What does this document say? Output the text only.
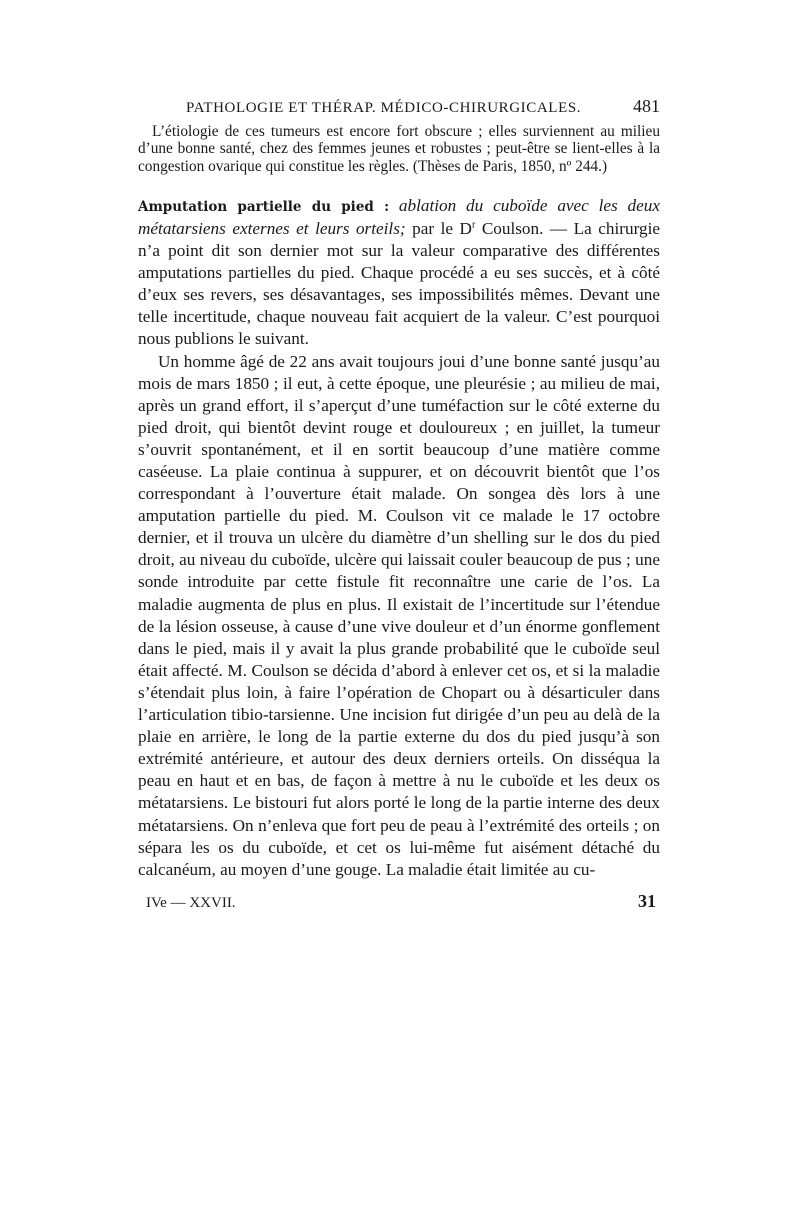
PATHOLOGIE ET THÉRAP. MÉDICO-CHIRURGICALES.	481

L’étiologie de ces tumeurs est encore fort obscure ; elles surviennent au milieu d’une bonne santé, chez des femmes jeunes et robustes ; peut-être se lient-elles à la congestion ovarique qui constitue les règles. (Thèses de Paris, 1850, nº 244.)

Amputation partielle du pied : ablation du cuboïde avec les deux métatarsiens externes et leurs orteils; par le $D^r$ Coulson. — La chirurgie n’a point dit son dernier mot sur la valeur comparative des différentes amputations partielles du pied. Chaque procédé a eu ses succès, et à côté d’eux ses revers, ses désavantages, ses impossibilités mêmes. Devant une telle incertitude, chaque nouveau fait acquiert de la valeur. C’est pourquoi nous publions le suivant.

Un homme âgé de 22 ans avait toujours joui d’une bonne santé jusqu’au mois de mars 1850 ; il eut, à cette époque, une pleurésie ; au milieu de mai, après un grand effort, il s’aperçut d’une tuméfaction sur le côté externe du pied droit, qui bientôt devint rouge et douloureux ; en juillet, la tumeur s’ouvrit spontanément, et il en sortit beaucoup d’une matière comme caséeuse. La plaie continua à suppurer, et on découvrit bientôt que l’os correspondant à l’ouverture était malade. On songea dès lors à une amputation partielle du pied. M. Coulson vit ce malade le 17 octobre dernier, et il trouva un ulcère du diamètre d’un shelling sur le dos du pied droit, au niveau du cuboïde, ulcère qui laissait couler beaucoup de pus ; une sonde introduite par cette fistule fit reconnaître une carie de l’os. La maladie augmenta de plus en plus. Il existait de l’incertitude sur l’étendue de la lésion osseuse, à cause d’une vive douleur et d’un énorme gonflement dans le pied, mais il y avait la plus grande probabilité que le cuboïde seul était affecté. M. Coulson se décida d’abord à enlever cet os, et si la maladie s’étendait plus loin, à faire l’opération de Chopart ou à désarticuler dans l’articulation tibio-tarsienne. Une incision fut dirigée d’un peu au delà de la plaie en arrière, le long de la partie externe du dos du pied jusqu’à son extrémité antérieure, et autour des deux derniers orteils. On disséqua la peau en haut et en bas, de façon à mettre à nu le cuboïde et les deux os métatarsiens. Le bistouri fut alors porté le long de la partie interne des deux métatarsiens. On n’enleva que fort peu de peau à l’extrémité des orteils ; on sépara les os du cuboïde, et cet os lui-même fut aisément détaché du calcanéum, au moyen d’une gouge. La maladie était limitée au cu-

IVe — XXVII.	31
